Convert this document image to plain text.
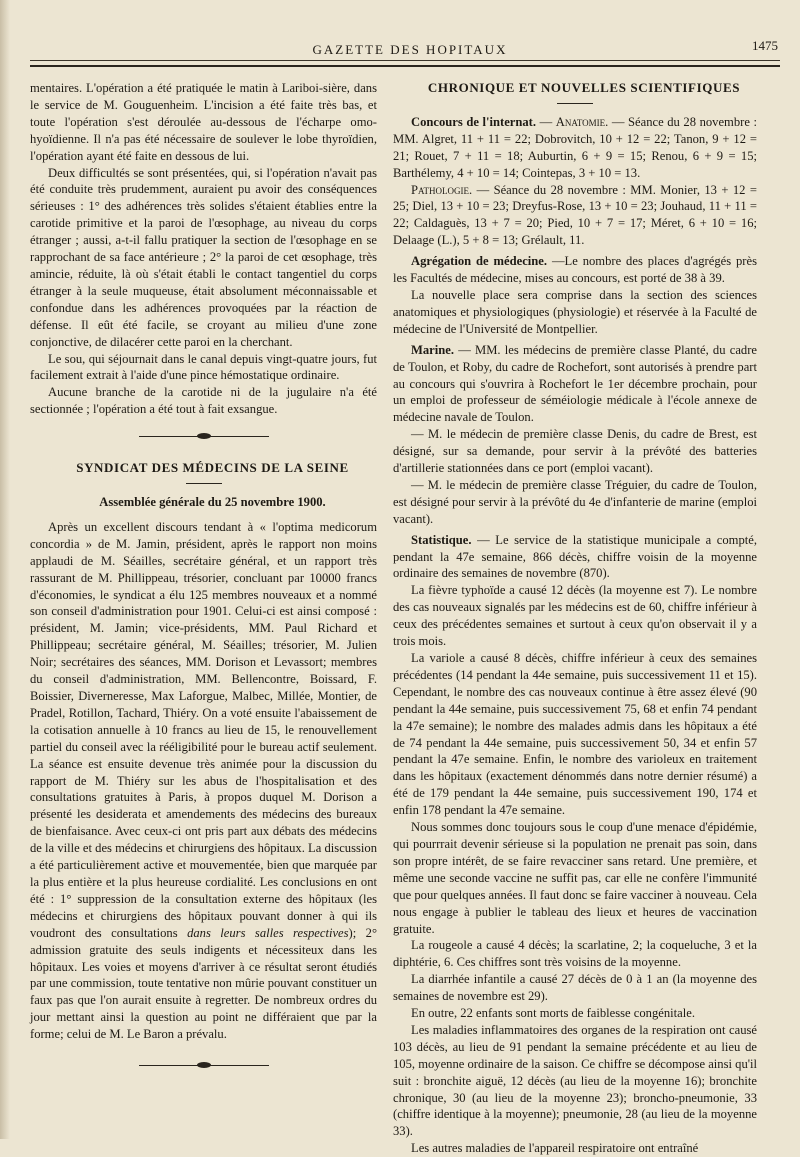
GAZETTE DES HOPITAUX	1475

mentaires. L'opération a été pratiquée le matin à Lariboi-sière, dans le service de M. Gouguenheim. L'incision a été faite très bas, et toute l'opération s'est déroulée au-dessous de l'écharpe omo-hyoïdienne. Il n'a pas été nécessaire de soulever le lobe thyroïdien, l'opération ayant été faite en dessous de lui.

Deux difficultés se sont présentées, qui, si l'opération n'avait pas été conduite très prudemment, auraient pu avoir des conséquences sérieuses : 1° des adhérences très solides s'étaient établies entre la carotide primitive et la paroi de l'œsophage, au niveau du corps étranger ; aussi, a-t-il fallu pratiquer la section de l'œsophage en se rapprochant de sa face antérieure ; 2° la paroi de cet œsophage, très amincie, réduite, là où s'était établi le contact tangentiel du corps étranger à la seule muqueuse, était absolument méconnaissable et confondue dans les adhérences provoquées par la réaction de défense. Il eût été facile, se croyant au milieu d'une zone conjonctive, de dilacérer cette paroi en la cherchant.

Le sou, qui séjournait dans le canal depuis vingt-quatre jours, fut facilement extrait à l'aide d'une pince hémostatique ordinaire.

Aucune branche de la carotide ni de la jugulaire n'a été sectionnée ; l'opération a été tout à fait exsangue.

SYNDICAT DES MÉDECINS DE LA SEINE

Assemblée générale du 25 novembre 1900.

Après un excellent discours tendant à « l'optima medicorum concordia » de M. Jamin, président, après le rapport non moins applaudi de M. Séailles, secrétaire général, et un rapport très rassurant de M. Phillippeau, trésorier, concluant par 10000 francs d'économies, le syndicat a élu 125 membres nouveaux et a nommé son conseil d'administration pour 1901. Celui-ci est ainsi composé : président, M. Jamin; vice-présidents, MM. Paul Richard et Phillippeau; secrétaire général, M. Séailles; trésorier, M. Julien Noir; secrétaires des séances, MM. Dorison et Levassort; membres du conseil d'administration, MM. Bellencontre, Boissard, F. Boissier, Diverneresse, Max Laforgue, Malbec, Millée, Montier, de Pradel, Rotillon, Tachard, Thiéry. On a voté ensuite l'abaissement de la cotisation annuelle à 10 francs au lieu de 15, le renouvellement partiel du conseil avec la rééligibilité pour le bureau actif seulement. La séance est ensuite devenue très animée pour la discussion du rapport de M. Thiéry sur les abus de l'hospitalisation et des consultations gratuites à Paris, à propos duquel M. Dorison a présenté les desiderata et amendements des médecins des bureaux de bienfaisance. Avec ceux-ci ont pris part aux débats des médecins de la ville et des médecins et chirurgiens des hôpitaux. La discussion a été particulièrement active et mouvementée, bien que marquée par la plus entière et la plus heureuse cordialité. Les conclusions en ont été : 1° suppression de la consultation externe des hôpitaux (les médecins et chirurgiens des hôpitaux pouvant donner à qui ils voudront des consultations dans leurs salles respectives); 2° admission gratuite des seuls indigents et nécessiteux dans les hôpitaux. Les voies et moyens d'arriver à ce résultat seront étudiés par une commission, toute tentative non mûrie pouvant constituer un faux pas que l'on aurait ensuite à regretter. De nombreux ordres du jour mettant ainsi la question au point ne différaient que par la forme; celui de M. Le Baron a prévalu.

CHRONIQUE ET NOUVELLES SCIENTIFIQUES

Concours de l'internat. — Anatomie. — Séance du 28 novembre : MM. Algret, 11 + 11 = 22; Dobrovitch, 10 + 12 = 22; Tanon, 9 + 12 = 21; Rouet, 7 + 11 = 18; Auburtin, 6 + 9 = 15; Renou, 6 + 9 = 15; Barthélemy, 4 + 10 = 14; Cointepas, 3 + 10 = 13.

Pathologie. — Séance du 28 novembre : MM. Monier, 13 + 12 = 25; Diel, 13 + 10 = 23; Dreyfus-Rose, 13 + 10 = 23; Jouhaud, 11 + 11 = 22; Caldaguès, 13 + 7 = 20; Pied, 10 + 7 = 17; Méret, 6 + 10 = 16; Delaage (L.), 5 + 8 = 13; Grélault, 11.

Agrégation de médecine. —Le nombre des places d'agrégés près les Facultés de médecine, mises au concours, est porté de 38 à 39.

La nouvelle place sera comprise dans la section des sciences anatomiques et physiologiques (physiologie) et réservée à la Faculté de médecine de l'Université de Montpellier.

Marine. — MM. les médecins de première classe Planté, du cadre de Toulon, et Roby, du cadre de Rochefort, sont autorisés à prendre part au concours qui s'ouvrira à Rochefort le 1er décembre prochain, pour un emploi de professeur de séméiologie médicale à l'école annexe de médecine navale de Toulon.

— M. le médecin de première classe Denis, du cadre de Brest, est désigné, sur sa demande, pour servir à la prévôté des batteries d'artillerie stationnées dans ce port (emploi vacant).

— M. le médecin de première classe Tréguier, du cadre de Toulon, est désigné pour servir à la prévôté du 4e d'infanterie de marine (emploi vacant).

Statistique. — Le service de la statistique municipale a compté, pendant la 47e semaine, 866 décès, chiffre voisin de la moyenne ordinaire des semaines de novembre (870).

La fièvre typhoïde a causé 12 décès (la moyenne est 7). Le nombre des cas nouveaux signalés par les médecins est de 60, chiffre inférieur à ceux des précédentes semaines et surtout à ceux qu'on observait il y a trois mois.

La variole a causé 8 décès, chiffre inférieur à ceux des semaines précédentes (14 pendant la 44e semaine, puis successivement 11 et 15). Cependant, le nombre des cas nouveaux continue à être assez élevé (90 pendant la 44e semaine, puis successivement 75, 68 et enfin 74 pendant la 47e semaine); le nombre des malades admis dans les hôpitaux a été de 74 pendant la 44e semaine, puis successivement 50, 34 et enfin 57 pendant la 47e semaine. Enfin, le nombre des varioleux en traitement dans les hôpitaux (exactement dénommés dans notre dernier résumé) a été de 179 pendant la 44e semaine, puis successivement 190, 174 et enfin 178 pendant la 47e semaine.

Nous sommes donc toujours sous le coup d'une menace d'épidémie, qui pourrrait devenir sérieuse si la population ne prenait pas soin, dans son propre intérêt, de se faire revacciner sans retard. Une première, et même une seconde vaccine ne suffit pas, car elle ne confère l'immunité que pour quelques années. Il faut donc se faire vacciner à nouveau. Cela nous engage à publier le tableau des lieux et heures de vaccination gratuite.

La rougeole a causé 4 décès; la scarlatine, 2; la coqueluche, 3 et la diphtérie, 6. Ces chiffres sont très voisins de la moyenne.

La diarrhée infantile a causé 27 décès de 0 à 1 an (la moyenne des semaines de novembre est 29).

En outre, 22 enfants sont morts de faiblesse congénitale.

Les maladies inflammatoires des organes de la respiration ont causé 103 décès, au lieu de 91 pendant la semaine précédente et au lieu de 105, moyenne ordinaire de la saison. Ce chiffre se décompose ainsi qu'il suit : bronchite aiguë, 12 décès (au lieu de la moyenne 16); bronchite chronique, 30 (au lieu de la moyenne 23); broncho-pneumonie, 33 (chiffre identique à la moyenne); pneumonie, 28 (au lieu de la moyenne 33).

Les autres maladies de l'appareil respiratoire ont entraîné
